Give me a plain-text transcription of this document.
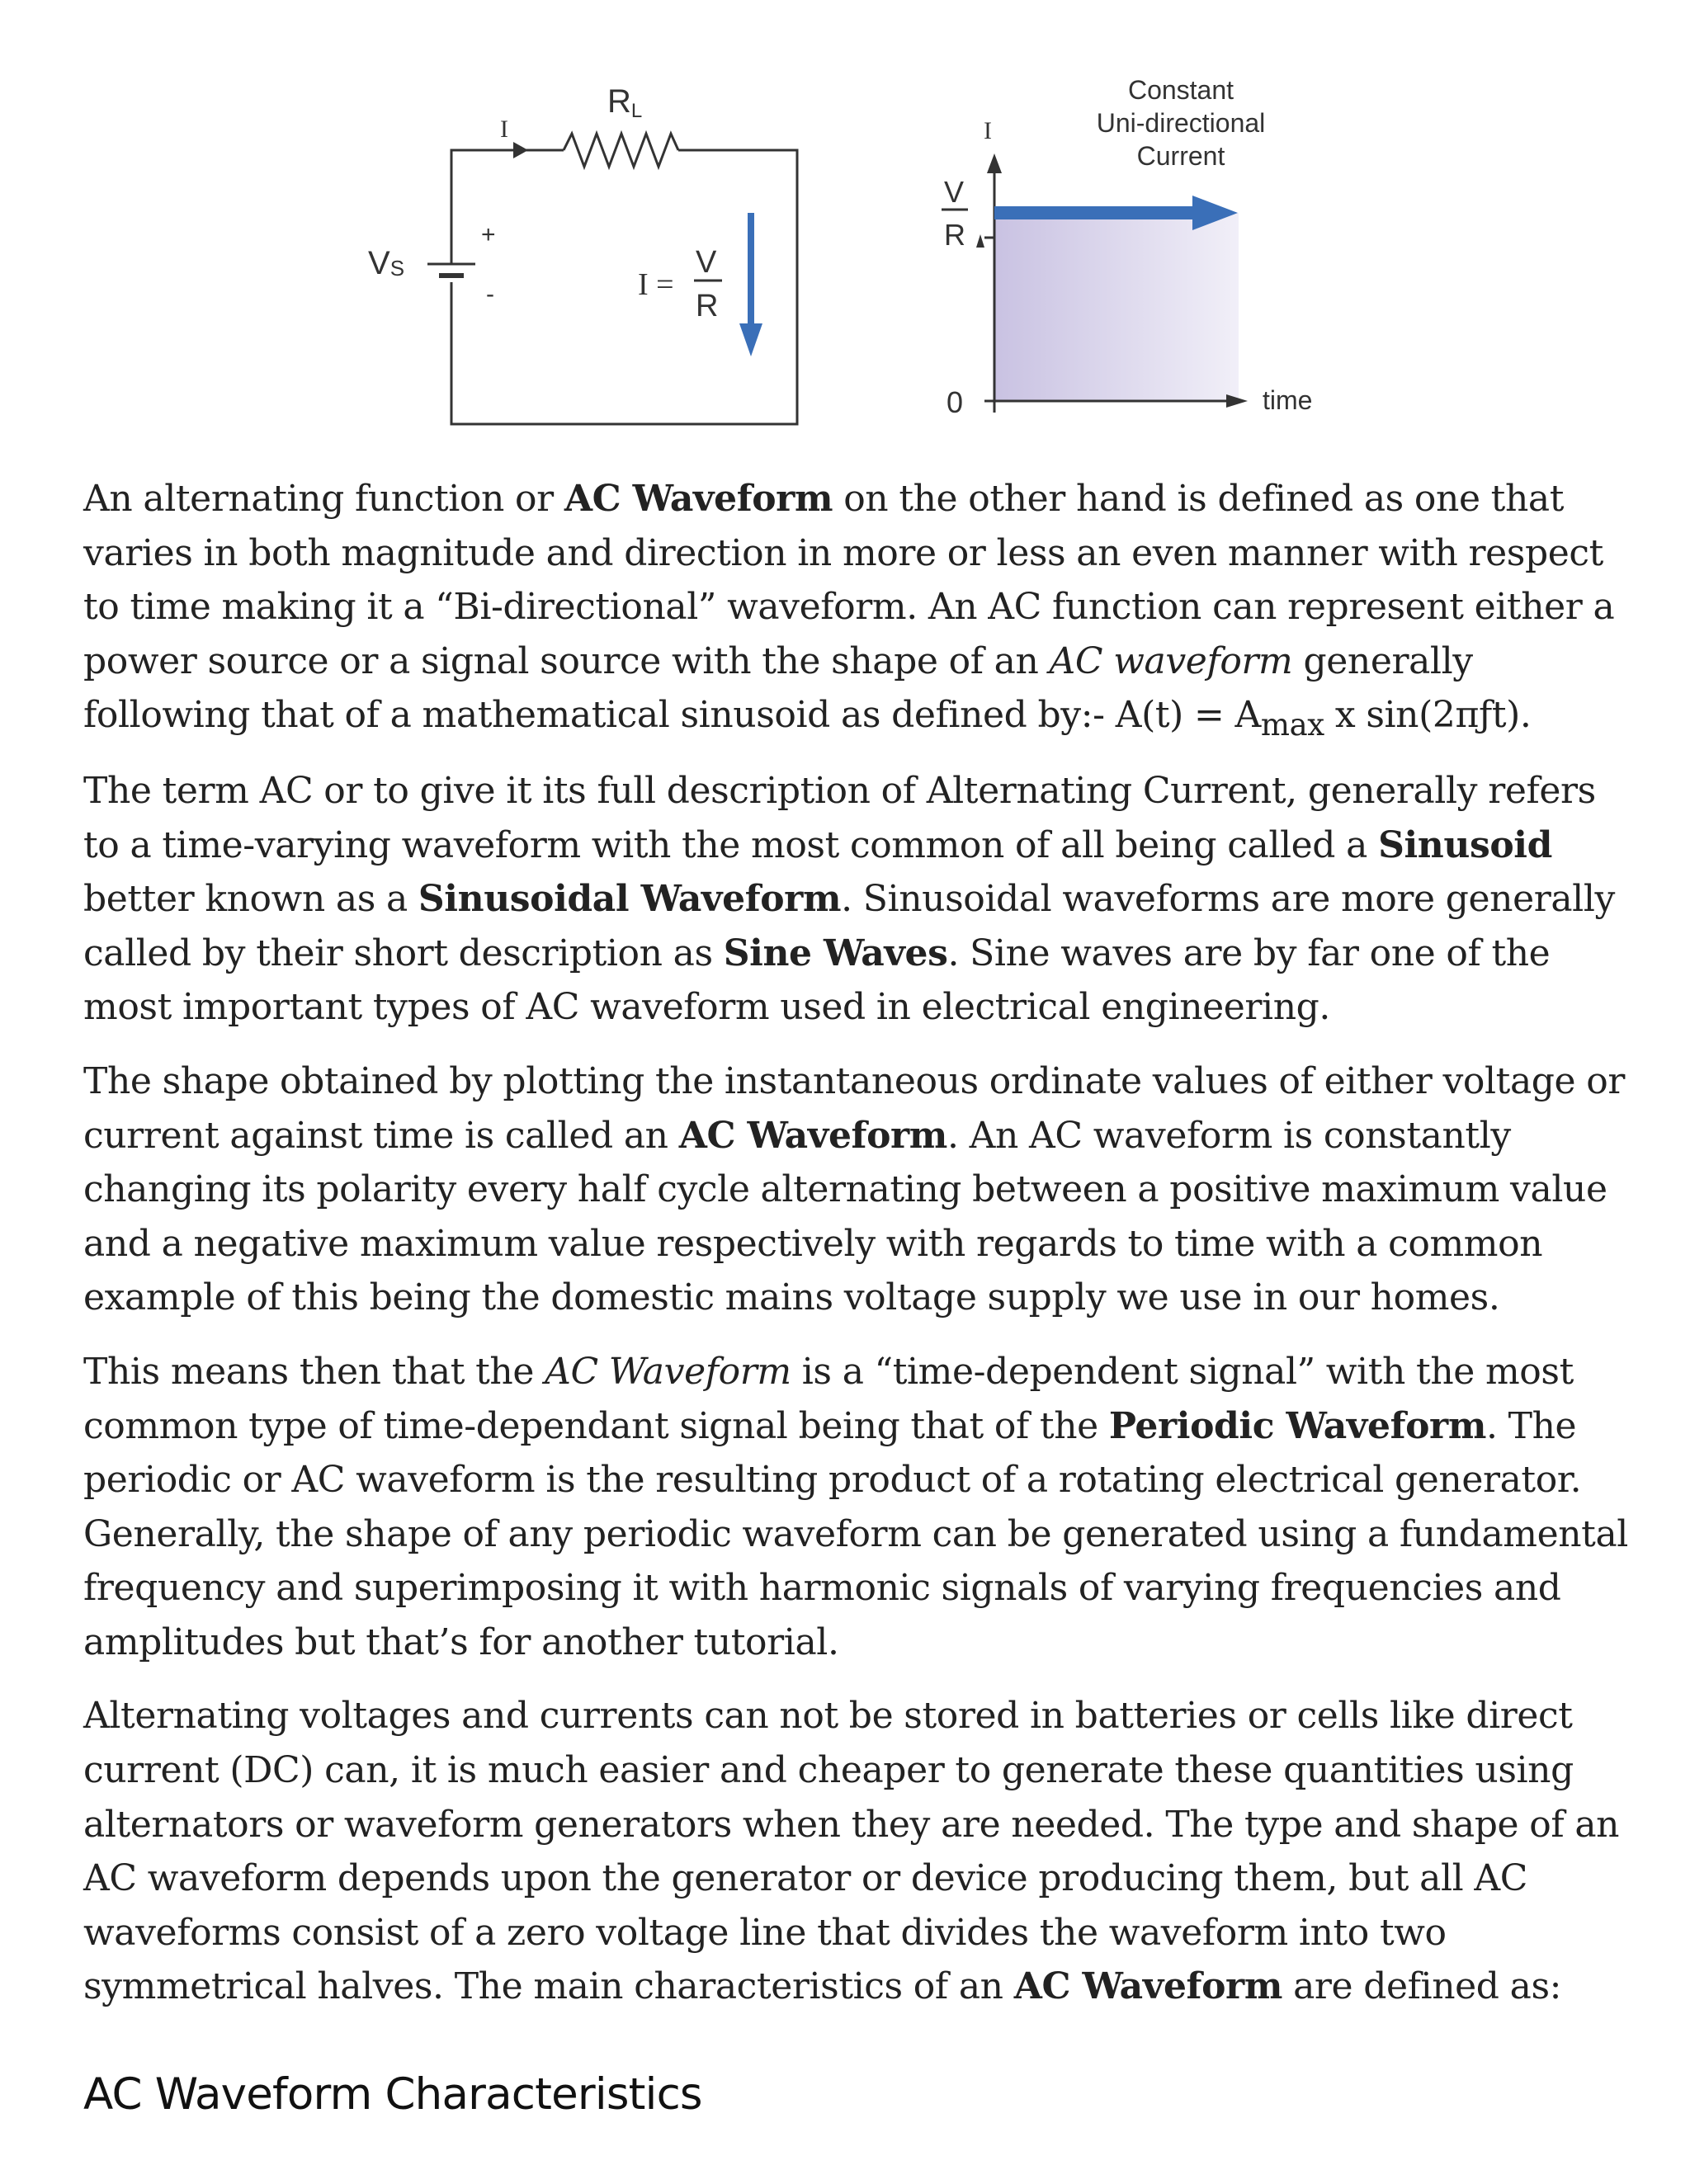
RL
I
VS
+
-	I =
V
R
Constant
Uni-directional
Current
I
V
R
0	time

An alternating function or AC Waveform on the other hand is defined as one that varies in both magnitude and direction in more or less an even manner with respect to time making it a “Bi-directional” waveform. An AC function can represent either a power source or a signal source with the shape of an AC waveform generally following that of a mathematical sinusoid as defined by:- $A(t) = A_{max}$ x sin(2πƒt).

The term AC or to give it its full description of Alternating Current, generally refers to a time-varying waveform with the most common of all being called a Sinusoid better known as a Sinusoidal Waveform. Sinusoidal waveforms are more generally called by their short description as Sine Waves. Sine waves are by far one of the most important types of AC waveform used in electrical engineering.

The shape obtained by plotting the instantaneous ordinate values of either voltage or current against time is called an AC Waveform. An AC waveform is constantly changing its polarity every half cycle alternating between a positive maximum value and a negative maximum value respectively with regards to time with a common example of this being the domestic mains voltage supply we use in our homes.

This means then that the AC Waveform is a “time-dependent signal” with the most common type of time-dependant signal being that of the Periodic Waveform. The periodic or AC waveform is the resulting product of a rotating electrical generator. Generally, the shape of any periodic waveform can be generated using a fundamental frequency and superimposing it with harmonic signals of varying frequencies and amplitudes but that’s for another tutorial.

Alternating voltages and currents can not be stored in batteries or cells like direct current (DC) can, it is much easier and cheaper to generate these quantities using alternators or waveform generators when they are needed. The type and shape of an AC waveform depends upon the generator or device producing them, but all AC waveforms consist of a zero voltage line that divides the waveform into two symmetrical halves. The main characteristics of an AC Waveform are defined as:

AC Waveform Characteristics
